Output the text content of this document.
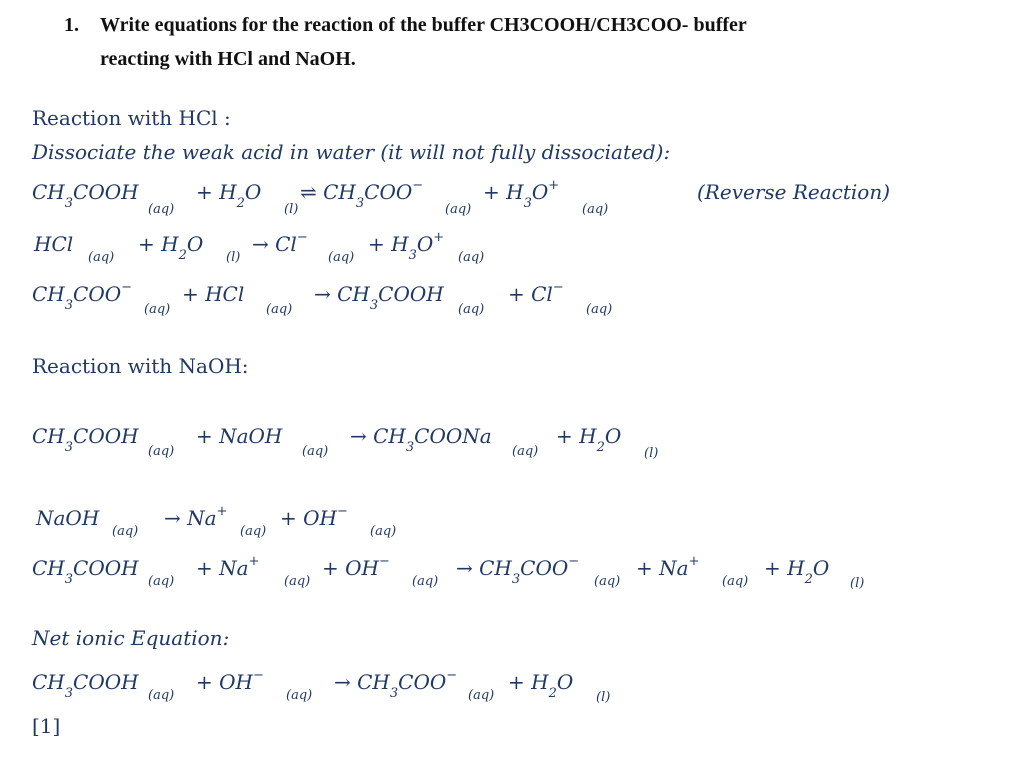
1. Write equations for the reaction of the buffer CH3COOH/CH3COO- buffer
reacting with HCl and NaOH.
Reaction with HCl :
Dissociate the weak acid in water (it will not fully dissociated):
$CH_3COOH$
(aq)
+ $H_2O$
(l)
⇌ $CH_3COO^-$
(aq)
+ $H_3O^+$
(aq)
(Reverse Reaction)
HCl
(aq)
+ $H_2O$
(l)
→ Cl−
(aq)
+ $H_3O^+$
(aq)
$CH_3COO^-$
(aq)
+ HCl
(aq)
→ $CH_3COOH$
(aq)
+ Cl−
(aq)
Reaction with NaOH:
$CH_3COOH$
(aq)
+ NaOH
(aq)
→ $CH_3COONa$
(aq)
+ $H_2O$
(l)
NaOH
(aq)
→ Na+
(aq)
+ OH−
(aq)
$CH_3COOH$
(aq)
+ Na+
(aq)
+ OH−
(aq)
→ $CH_3COO^-$
(aq)
+ Na+
(aq)
+ $H_2O$
(l)
Net ionic Equation:
$CH_3COOH$
(aq)
+ OH−
(aq)
→ $CH_3COO^-$
(aq)
+ $H_2O$
(l)
[1]
